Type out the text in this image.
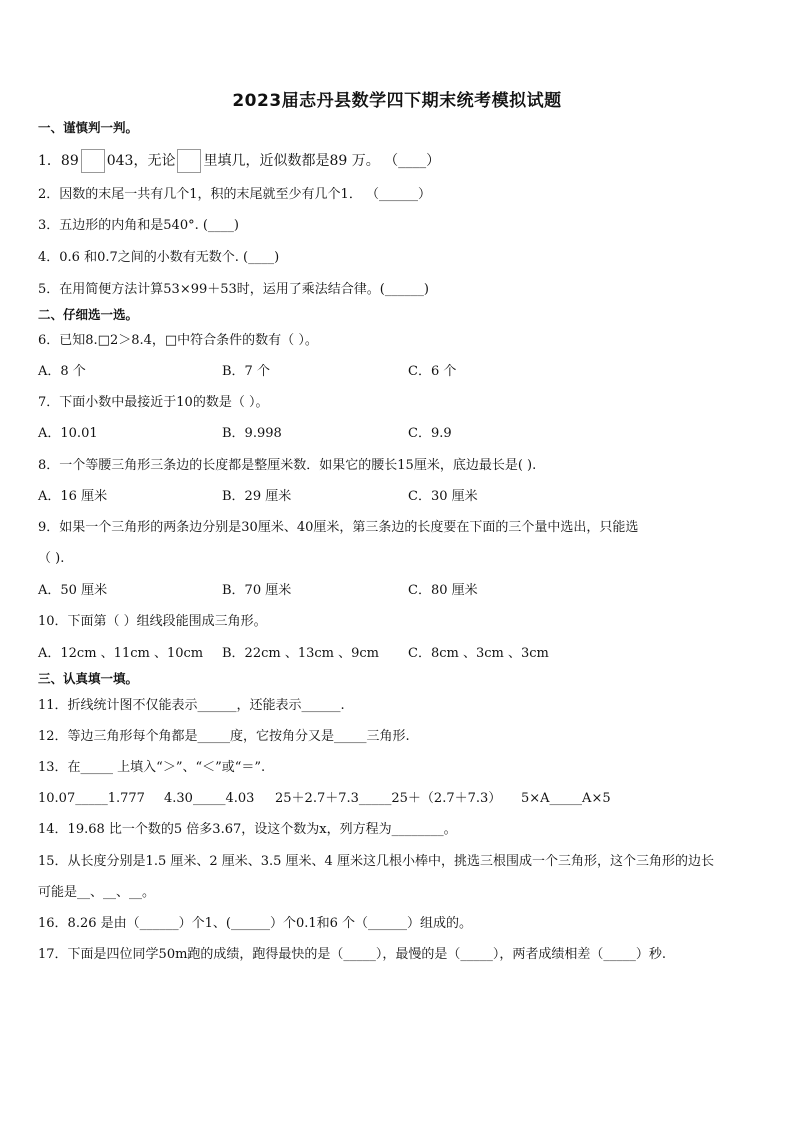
2023届志丹县数学四下期末统考模拟试题
一、谨慎判一判。
1．89 043，无论 里填几，近似数都是89 万。 （____）
2．因数的末尾一共有几个1，积的末尾就至少有几个1． （______）
3．五边形的内角和是540°. (____)
4．0.6 和0.7之间的小数有无数个. (____)
5．在用简便方法计算53×99＋53时，运用了乘法结合律。(______)
二、仔细选一选。
6．已知8.□2＞8.4，□中符合条件的数有（ ）。
A．8 个	B．7 个	C．6 个
7．下面小数中最接近于10的数是（ ）。
A．10.01	B．9.998	C．9.9
8．一个等腰三角形三条边的长度都是整厘米数．如果它的腰长15厘米，底边最长是( ).
A．16 厘米	B．29 厘米	C．30 厘米
9．如果一个三角形的两条边分别是30厘米、40厘米，第三条边的长度要在下面的三个量中选出，只能选
（ ).
A．50 厘米	B．70 厘米	C．80 厘米
10．下面第（ ）组线段能围成三角形。
A．12cm 、11cm 、10cm B．22cm 、13cm 、9cm C．8cm 、3cm 、3cm
三、认真填一填。
11．折线统计图不仅能表示______，还能表示______.
12．等边三角形每个角都是_____度，它按角分又是_____三角形.
13．在_____ 上填入“＞”、“＜”或“＝”.
10.07_____1.777 4.30_____4.03 25＋2.7＋7.3_____25＋（2.7＋7.3） 5×A_____A×5
14．19.68 比一个数的5 倍多3.67，设这个数为x，列方程为________。
15．从长度分别是1.5 厘米、2 厘米、3.5 厘米、4 厘米这几根小棒中，挑选三根围成一个三角形，这个三角形的边长
可能是__、__、__。
16．8.26 是由（______）个1、(______）个0.1和6 个（______）组成的。
17．下面是四位同学50m跑的成绩，跑得最快的是（_____），最慢的是（_____），两者成绩相差（_____）秒.
